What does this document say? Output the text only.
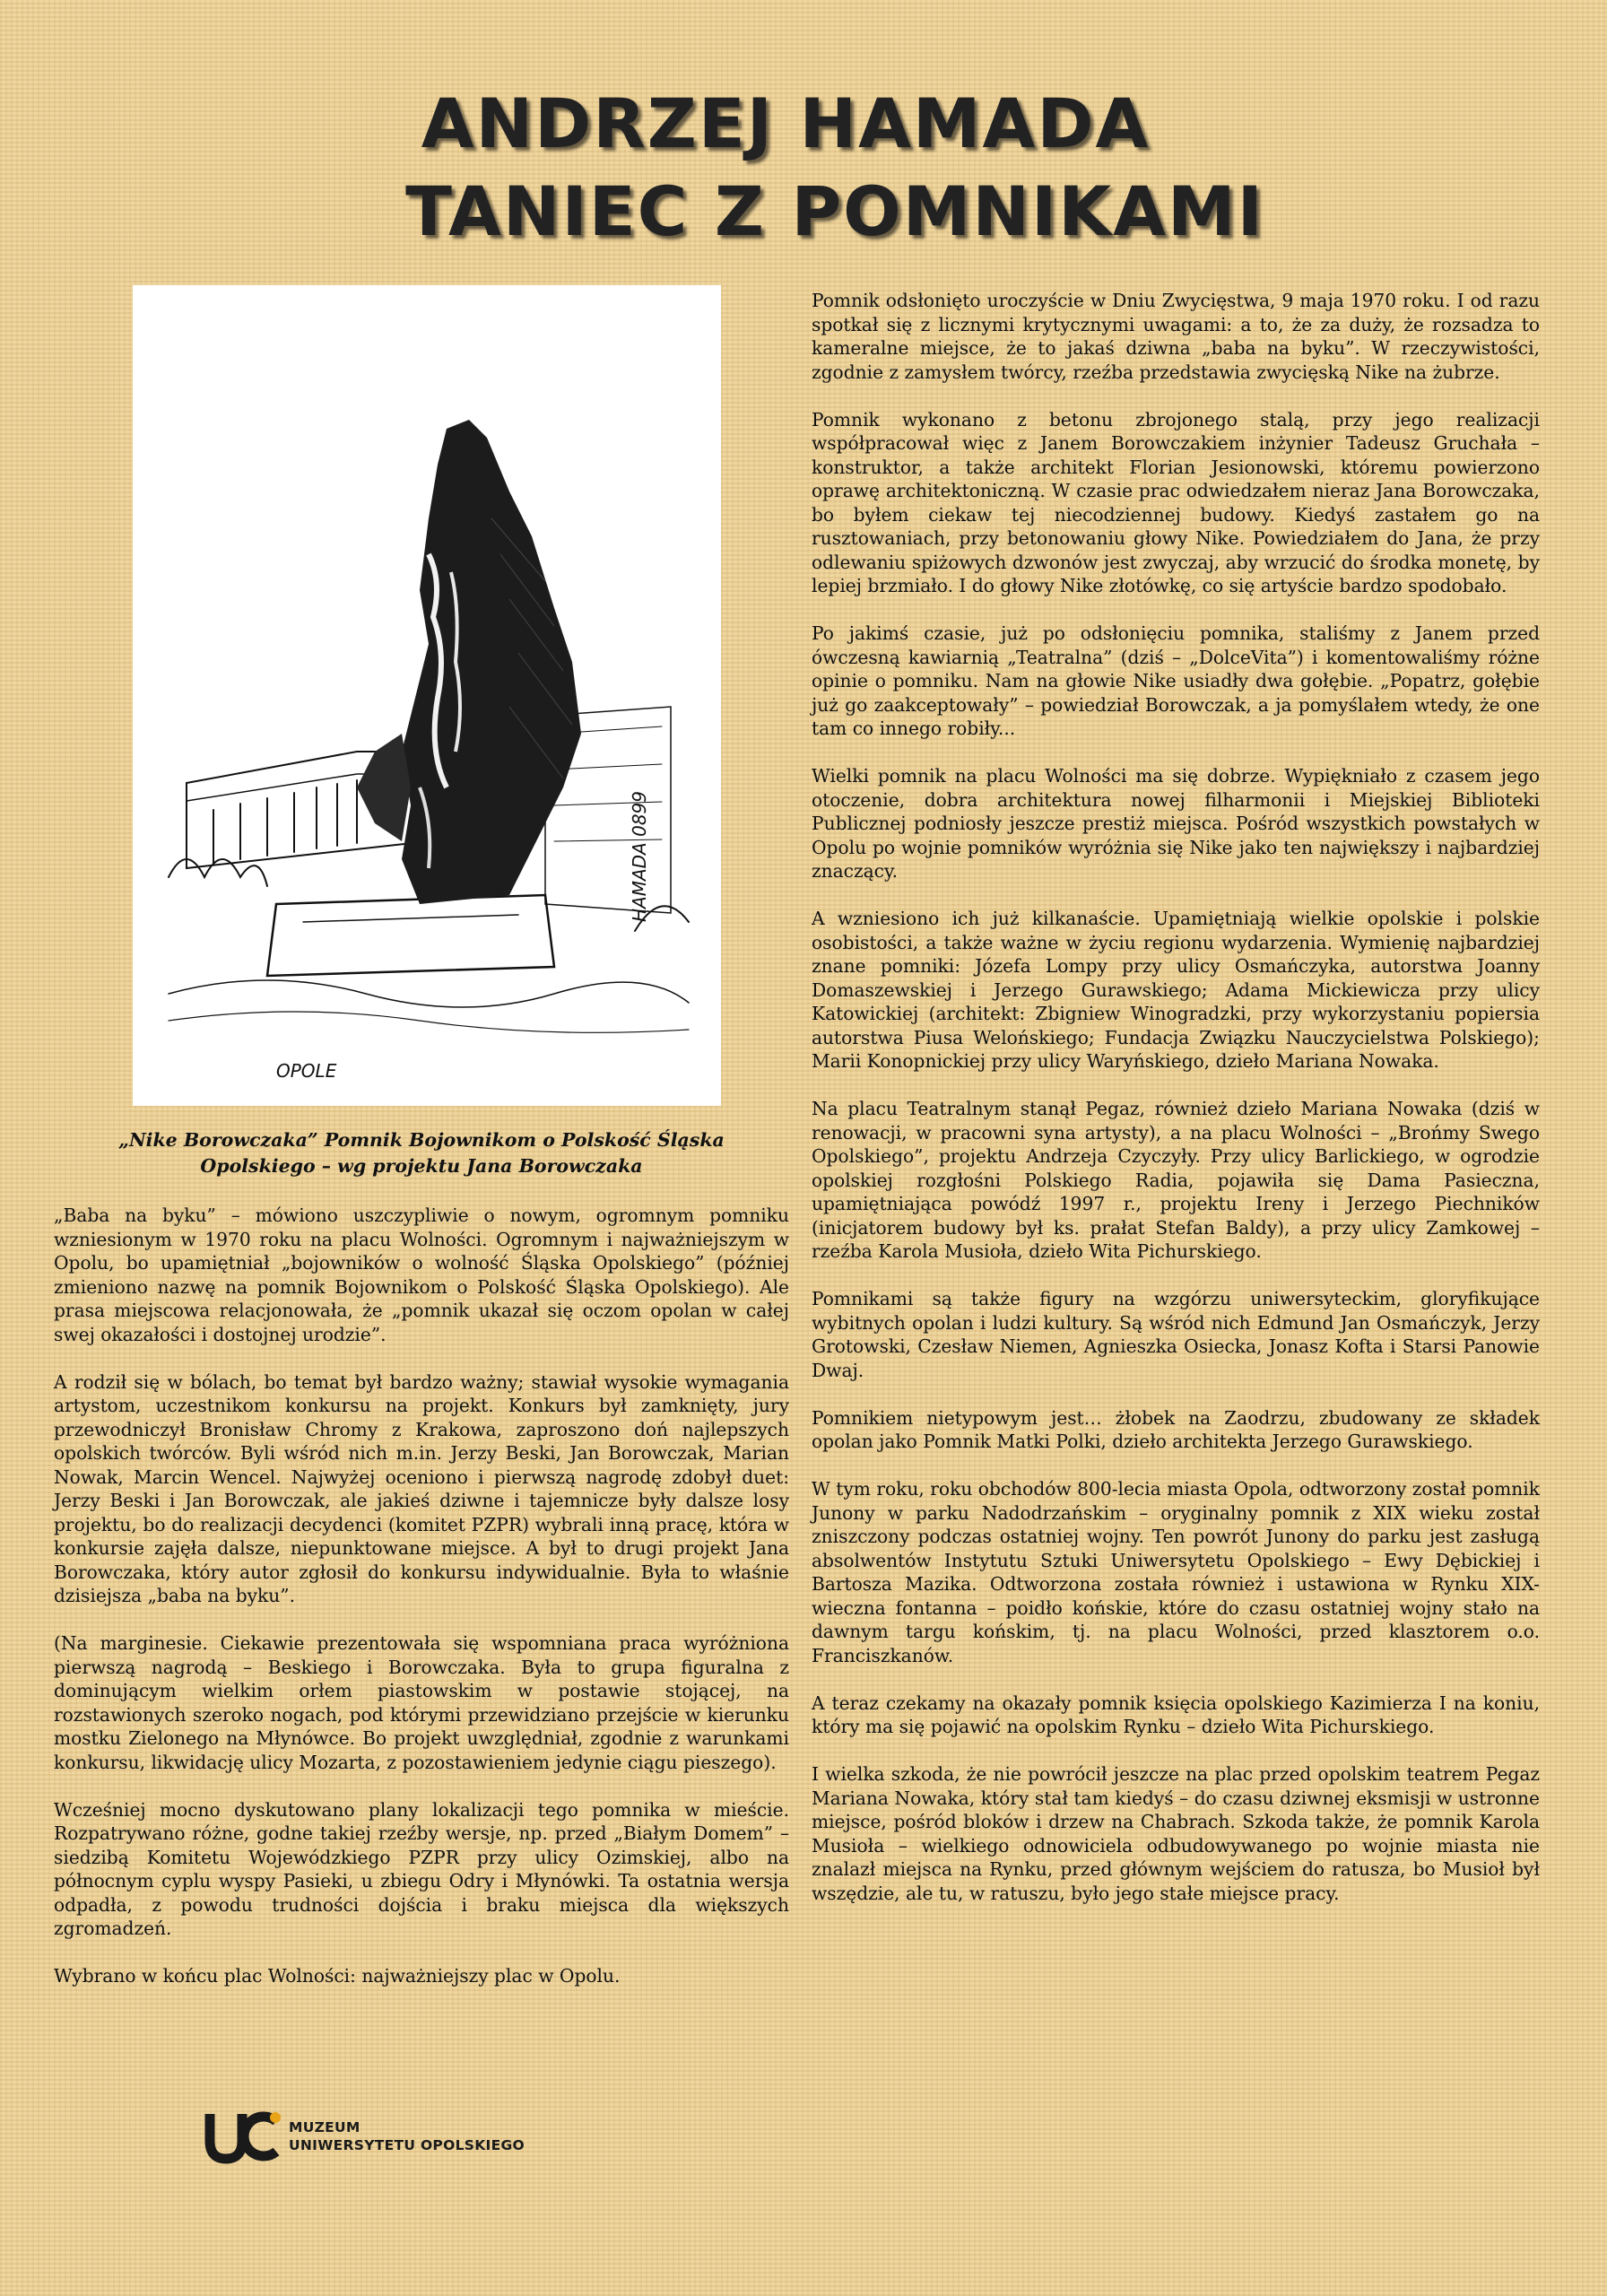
ANDRZEJ HAMADA
TANIEC Z POMNIKAMI
HAMADA 0899
OPOLE
„Nike Borowczaka” Pomnik Bojownikom o Polskość Śląska
Opolskiego – wg projektu Jana Borowczaka

„Baba na byku” – mówiono uszczypliwie o nowym, ogromnym pomniku wzniesionym w 1970 roku na placu Wolności. Ogromnym i najważniejszym w Opolu, bo upamiętniał „bojowników o wolność Śląska Opolskiego” (później zmieniono nazwę na pomnik Bojownikom o Polskość Śląska Opolskiego). Ale prasa miejscowa relacjonowała, że „pomnik ukazał się oczom opolan w całej swej okazałości i dostojnej urodzie”.

A rodził się w bólach, bo temat był bardzo ważny; stawiał wysokie wymagania artystom, uczestnikom konkursu na projekt. Konkurs był zamknięty, jury przewodniczył Bronisław Chromy z Krakowa, zaproszono doń najlepszych opolskich twórców. Byli wśród nich m.in. Jerzy Beski, Jan Borowczak, Marian Nowak, Marcin Wencel. Najwyżej oceniono i pierwszą nagrodę zdobył duet: Jerzy Beski i Jan Borowczak, ale jakieś dziwne i tajemnicze były dalsze losy projektu, bo do realizacji decydenci (komitet PZPR) wybrali inną pracę, która w konkursie zajęła dalsze, niepunktowane miejsce. A był to drugi projekt Jana Borowczaka, który autor zgłosił do konkursu indywidualnie. Była to właśnie dzisiejsza „baba na byku”.

(Na marginesie. Ciekawie prezentowała się wspomniana praca wyróżniona pierwszą nagrodą – Beskiego i Borowczaka. Była to grupa figuralna z dominującym wielkim orłem piastowskim w postawie stojącej, na rozstawionych szeroko nogach, pod którymi przewidziano przejście w kierunku mostku Zielonego na Młynówce. Bo projekt uwzględniał, zgodnie z warunkami konkursu, likwidację ulicy Mozarta, z pozostawieniem jedynie ciągu pieszego).

Wcześniej mocno dyskutowano plany lokalizacji tego pomnika w mieście. Rozpatrywano różne, godne takiej rzeźby wersje, np. przed „Białym Domem” – siedzibą Komitetu Wojewódzkiego PZPR przy ulicy Ozimskiej, albo na północnym cyplu wyspy Pasieki, u zbiegu Odry i Młynówki. Ta ostatnia wersja odpadła, z powodu trudności dojścia i braku miejsca dla większych zgromadzeń.

Wybrano w końcu plac Wolności: najważniejszy plac w Opolu.

Pomnik odsłonięto uroczyście w Dniu Zwycięstwa, 9 maja 1970 roku. I od razu spotkał się z licznymi krytycznymi uwagami: a to, że za duży, że rozsadza to kameralne miejsce, że to jakaś dziwna „baba na byku”. W rzeczywistości, zgodnie z zamysłem twórcy, rzeźba przedstawia zwycięską Nike na żubrze.

Pomnik wykonano z betonu zbrojonego stalą, przy jego realizacji współpracował więc z Janem Borowczakiem inżynier Tadeusz Gruchała – konstruktor, a także architekt Florian Jesionowski, któremu powierzono oprawę architektoniczną. W czasie prac odwiedzałem nieraz Jana Borowczaka, bo byłem ciekaw tej niecodziennej budowy. Kiedyś zastałem go na rusztowaniach, przy betonowaniu głowy Nike. Powiedziałem do Jana, że przy odlewaniu spiżowych dzwonów jest zwyczaj, aby wrzucić do środka monetę, by lepiej brzmiało. I do głowy Nike złotówkę, co się artyście bardzo spodobało.

Po jakimś czasie, już po odsłonięciu pomnika, staliśmy z Janem przed ówczesną kawiarnią „Teatralna” (dziś – „DolceVita”) i komentowaliśmy różne opinie o pomniku. Nam na głowie Nike usiadły dwa gołębie. „Popatrz, gołębie już go zaakceptowały” – powiedział Borowczak, a ja pomyślałem wtedy, że one tam co innego robiły...

Wielki pomnik na placu Wolności ma się dobrze. Wypiękniało z czasem jego otoczenie, dobra architektura nowej filharmonii i Miejskiej Biblioteki Publicznej podniosły jeszcze prestiż miejsca. Pośród wszystkich powstałych w Opolu po wojnie pomników wyróżnia się Nike jako ten największy i najbardziej znaczący.

A wzniesiono ich już kilkanaście. Upamiętniają wielkie opolskie i polskie osobistości, a także ważne w życiu regionu wydarzenia. Wymienię najbardziej znane pomniki: Józefa Lompy przy ulicy Osmańczyka, autorstwa Joanny Domaszewskiej i Jerzego Gurawskiego; Adama Mickiewicza przy ulicy Katowickiej (architekt: Zbigniew Winogradzki, przy wykorzystaniu popiersia autorstwa Piusa Welońskiego; Fundacja Związku Nauczycielstwa Polskiego); Marii Konopnickiej przy ulicy Waryńskiego, dzieło Mariana Nowaka.

Na placu Teatralnym stanął Pegaz, również dzieło Mariana Nowaka (dziś w renowacji, w pracowni syna artysty), a na placu Wolności – „Brońmy Swego Opolskiego”, projektu Andrzeja Czyczyły. Przy ulicy Barlickiego, w ogrodzie opolskiej rozgłośni Polskiego Radia, pojawiła się Dama Pasieczna, upamiętniająca powódź 1997 r., projektu Ireny i Jerzego Piechników (inicjatorem budowy był ks. prałat Stefan Baldy), a przy ulicy Zamkowej – rzeźba Karola Musioła, dzieło Wita Pichurskiego.

Pomnikami są także figury na wzgórzu uniwersyteckim, gloryfikujące wybitnych opolan i ludzi kultury. Są wśród nich Edmund Jan Osmańczyk, Jerzy Grotowski, Czesław Niemen, Agnieszka Osiecka, Jonasz Kofta i Starsi Panowie Dwaj.

Pomnikiem nietypowym jest… żłobek na Zaodrzu, zbudowany ze składek opolan jako Pomnik Matki Polki, dzieło architekta Jerzego Gurawskiego.

W tym roku, roku obchodów 800-lecia miasta Opola, odtworzony został pomnik Junony w parku Nadodrzańskim – oryginalny pomnik z XIX wieku został zniszczony podczas ostatniej wojny. Ten powrót Junony do parku jest zasługą absolwentów Instytutu Sztuki Uniwersytetu Opolskiego – Ewy Dębickiej i Bartosza Mazika. Odtworzona została również i ustawiona w Rynku XIX-wieczna fontanna – poidło końskie, które do czasu ostatniej wojny stało na dawnym targu końskim, tj. na placu Wolności, przed klasztorem o.o. Franciszkanów.

A teraz czekamy na okazały pomnik księcia opolskiego Kazimierza I na koniu, który ma się pojawić na opolskim Rynku – dzieło Wita Pichurskiego.

I wielka szkoda, że nie powrócił jeszcze na plac przed opolskim teatrem Pegaz Mariana Nowaka, który stał tam kiedyś – do czasu dziwnej eksmisji w ustronne miejsce, pośród bloków i drzew na Chabrach. Szkoda także, że pomnik Karola Musioła – wielkiego odnowiciela odbudowywanego po wojnie miasta nie znalazł miejsca na Rynku, przed głównym wejściem do ratusza, bo Musioł był wszędzie, ale tu, w ratuszu, było jego stałe miejsce pracy.

MUZEUM
UNIWERSYTETU OPOLSKIEGO
